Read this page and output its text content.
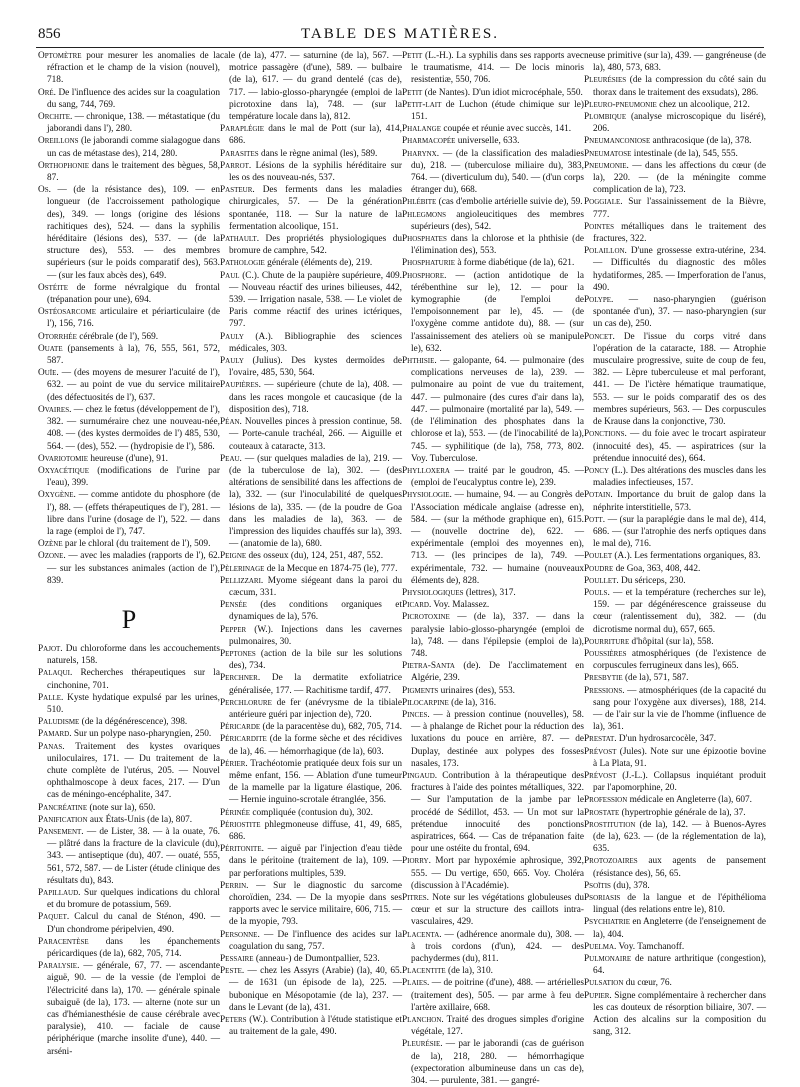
856	TABLE DES MATIÈRES.

Optomètre pour mesurer les anomalies de la réfraction et le champ de la vision (nouvel), 718.

Oré. De l'influence des acides sur la coagulation du sang, 744, 769.

Orchite. — chronique, 138. — métastatique (du jaborandi dans l'), 280.

Oreillons (le jaborandi comme sialagogue dans un cas de métastase des), 214, 280.

Orthophonie dans le traitement des bègues, 58, 87.

Os. — (de la résistance des), 109. — en longueur (de l'accroissement pathologique des), 349. — longs (origine des lésions rachitiques des), 524. — dans la syphilis héréditaire (lésions des), 537. — (de la structure des), 553. — des membres supérieurs (sur le poids comparatif des), 563. — (sur les faux abcès des), 649.

Ostéite de forme névralgique du frontal (trépanation pour une), 694.

Ostéosarcome articulaire et périarticulaire (de l'), 156, 716.

Otorrhée cérébrale (de l'), 569.

Ouate (pansements à la), 76, 555, 561, 572, 587.

Ouïe. — (des moyens de mesurer l'acuité de l'), 632. — au point de vue du service militaire (des défectuosités de l'), 637.

Ovaires. — chez le fœtus (développement de l'), 382. — surnuméraire chez une nouveau-née, 408. — (des kystes dermoïdes de l') 485, 530, 564. — (des), 552. — (hydropisie de l'), 586.

Ovariotomie heureuse (d'une), 91.

Oxyacétique (modifications de l'urine par l'eau), 399.

Oxygène. — comme antidote du phosphore (de l'), 88. — (effets thérapeutiques de l'), 281. — libre dans l'urine (dosage de l'), 522. — dans la rage (emploi de l'), 747.

Ozène par le chloral (du traitement de l'), 509.

Ozone. — avec les maladies (rapports de l'), 62. — sur les substances animales (action de l'), 839.

P

Pajot. Du chloroforme dans les accouchements naturels, 158.

Palaqui. Recherches thérapeutiques sur la cinchonine, 701.

Palle. Kyste hydatique expulsé par les urines, 510.

Paludisme (de la dégénérescence), 398.

Pamard. Sur un polype naso-pharyngien, 250.

Panas. Traitement des kystes ovariques uniloculaires, 171. — Du traitement de la chute complète de l'utérus, 205. — Nouvel ophthalmoscope à deux faces, 217. — D'un cas de méningo-encéphalite, 347.

Pancréatine (note sur la), 650.

Panification aux États-Unis (de la), 807.

Pansement. — de Lister, 38. — à la ouate, 76. — plâtré dans la fracture de la clavicule (du), 343. — antiseptique (du), 407. — ouaté, 555, 561, 572, 587. — de Lister (étude clinique des résultats du), 843.

Papillaud. Sur quelques indications du chloral et du bromure de potassium, 569.

Paquet. Calcul du canal de Sténon, 490. — D'un chondrome péripelvien, 490.

Paracentèse dans les épanchements péricardiques (de la), 682, 705, 714.

Paralysie. — générale, 67, 77. — ascendante aiguë, 90. — de la vessie (de l'emploi de l'électricité dans la), 170. — générale spinale subaiguë (de la), 173. — alterne (note sur un cas d'hémianesthésie de cause cérébrale avec paralysie), 410. — faciale de cause périphérique (marche insolite d'une), 440. — arséni-

cale (de la), 477. — saturnine (de la), 567. — motrice passagère (d'une), 589. — bulbaire (de la), 617. — du grand dentelé (cas de), 717. — labio-glosso-pharyngée (emploi de la picrotoxine dans la), 748. — (sur la température locale dans la), 812.

Paraplégie dans le mal de Pott (sur la), 414, 686.

Parasites dans le règne animal (les), 589.

Parrot. Lésions de la syphilis héréditaire sur les os des nouveau-nés, 537.

Pasteur. Des ferments dans les maladies chirurgicales, 57. — De la génération spontanée, 118. — Sur la nature de la fermentation alcoolique, 151.

Pathault. Des propriétés physiologiques du bromure de camphre, 542.

Pathologie générale (éléments de), 219.

Paul (C.). Chute de la paupière supérieure, 409. — Nouveau réactif des urines bilieuses, 442, 539. — Irrigation nasale, 538. — Le violet de Paris comme réactif des urines ictériques, 797.

Pauly (A.). Bibliographie des sciences médicales, 303.

Pauly (Julius). Des kystes dermoïdes de l'ovaire, 485, 530, 564.

Paupières. — supérieure (chute de la), 408. — dans les races mongole et caucasique (de la disposition des), 718.

Péan. Nouvelles pinces à pression continue, 58. — Porte-canule trachéal, 266. — Aiguille et couteaux à cataracte, 313.

Peau. — (sur quelques maladies de la), 219. — (de la tuberculose de la), 302. — (des altérations de sensibilité dans les affections de la), 332. — (sur l'inoculabilité de quelques lésions de la), 335. — (de la poudre de Goa dans les maladies de la), 363. — de l'impression des liquides chauffés sur la), 393. — (anatomie de la), 680.

Peigne des osseux (du), 124, 251, 487, 552.

Pèlerinage de la Mecque en 1874-75 (le), 777.

Pellizzari. Myome siégeant dans la paroi du cæcum, 331.

Pensée (des conditions organiques et dynamiques de la), 576.

Pepper (W.). Injections dans les cavernes pulmonaires, 30.

Peptones (action de la bile sur les solutions des), 734.

Perchner. De la dermatite exfoliatrice généralisée, 177. — Rachitisme tardif, 477.

Perchlorure de fer (anévrysme de la tibiale antérieure guéri par injection de), 720.

Péricarde (de la paracentèse du), 682, 705, 714.

Péricardite (de la forme sèche et des récidives de la), 46. — hémorrhagique (de la), 603.

Périer. Trachéotomie pratiquée deux fois sur un même enfant, 156. — Ablation d'une tumeur de la mamelle par la ligature élastique, 206. — Hernie inguino-scrotale étranglée, 356.

Périnée compliquée (contusion du), 302.

Périostite phlegmoneuse diffuse, 41, 49, 685, 686.

Péritonite. — aiguë par l'injection d'eau tiède dans le péritoine (traitement de la), 109. — par perforations multiples, 539.

Perrin. — Sur le diagnostic du sarcome choroïdien, 234. — De la myopie dans ses rapports avec le service militaire, 606, 715. — de la myopie, 793.

Personne. — De l'influence des acides sur la coagulation du sang, 757.

Pessaire (anneau-) de Dumontpallier, 523.

Peste. — chez les Assyrs (Arabie) (la), 40, 65. — de 1631 (un épisode de la), 225. — bubonique en Mésopotamie (de la), 237. — dans le Levant (de la), 431.

Peters (W.). Contribution à l'étude statistique et au traitement de la gale, 490.

Petit (L.-H.). La syphilis dans ses rapports avec le traumatisme, 414. — De locis minoris resistentiæ, 550, 706.

Petit (de Nantes). D'un idiot microcéphale, 550.

Petit-lait de Luchon (étude chimique sur le) 151.

Phalange coupée et réunie avec succès, 141.

Pharmacopée universelle, 633.

Pharynx. — (de la classification des maladies du), 218. — (tuberculose miliaire du), 383, 764. — (diverticulum du), 540. — (d'un corps étranger du), 668.

Phlébite (cas d'embolie artérielle suivie de), 59.

Phlegmons angioleucitiques des membres supérieurs (des), 542.

Phosphates dans la chlorose et la phthisie (de l'élimination des), 553.

Phosphaturie à forme diabétique (de la), 621.

Phosphore. — (action antidotique de la térébenthine sur le), 12. — pour la kymographie (de l'emploi de l'empoisonnement par le), 45. — (de l'oxygène comme antidote du), 88. — (sur l'assainissement des ateliers où se manipule le), 632.

Phthisie. — galopante, 64. — pulmonaire (des complications nerveuses de la), 239. — pulmonaire au point de vue du traitement, 447. — pulmonaire (des cures d'air dans la), 447. — pulmonaire (mortalité par la), 549. — (de l'élimination des phosphates dans la chlorose et la), 553. — (de l'inocabilité de la), 745. — syphilitique (de la), 758, 773, 802. Voy. Tuberculose.

Phylloxera — traité par le goudron, 45. — (emploi de l'eucalyptus contre le), 239.

Physiologie. — humaine, 94. — au Congrès de l'Association médicale anglaise (adresse en), 584. — (sur la méthode graphique en), 615. — (nouvelle doctrine de), 622. — expérimentale (emploi des moyennes en), 713. — (les principes de la), 749. — expérimentale, 732. — humaine (nouveaux éléments de), 828.

Physiologiques (lettres), 317.

Picard. Voy. Malassez.

Picrotoxine — (de la), 337. — dans la paralysie labio-glosso-pharyngée (emploi de la), 748. — dans l'épilepsie (emploi de la), 748.

Pietra-Santa (de). De l'acclimatement en Algérie, 239.

Pigments urinaires (des), 553.

Pilocarpine (de la), 316.

Pinces. — à pression continue (nouvelles), 58. — à phalange de Richet pour la réduction des luxations du pouce en arrière, 87. — de Duplay, destinée aux polypes des fosses nasales, 173.

Pingaud. Contribution à la thérapeutique des fractures à l'aide des pointes métalliques, 322. — Sur l'amputation de la jambe par le procédé de Sédillot, 453. — Un mot sur la prétendue innocuité des ponctions aspiratrices, 664. — Cas de trépanation faite pour une ostéite du frontal, 694.

Piorry. Mort par hypoxémie aphrosique, 392, 555. — Du vertige, 650, 665. Voy. Choléra (discussion à l'Académie).

Pitres. Note sur les végétations globuleuses du cœur et sur la structure des caillots intra-vasculaires, 429.

Placenta. — (adhérence anormale du), 308. — à trois cordons (d'un), 424. — des pachydermes (du), 811.

Placentite (de la), 310.

Plaies. — de poitrine (d'une), 488. — artérielles (traitement des), 505. — par arme à feu de l'artère axillaire, 668.

Planchon. Traité des drogues simples d'origine végétale, 127.

Pleurésie. — par le jaborandi (cas de guérison de la), 218, 280. — hémorrhagique (expectoration albumineuse dans un cas de), 304. — purulente, 381. — gangré-

neuse primitive (sur la), 439. — gangréneuse (de la), 480, 573, 683.

Pleurésies (de la compression du côté sain du thorax dans le traitement des exsudats), 286.

Pleuro-pneumonie chez un alcoolique, 212.

Plombique (analyse microscopique du liséré), 206.

Pneumanconiose anthracosique (de la), 378.

Pneumatose intestinale (de la), 545, 555.

Pneumonie. — dans les affections du cœur (de la), 220. — (de la méningite comme complication de la), 723.

Poggiale. Sur l'assainissement de la Bièvre, 777.

Pointes métalliques dans le traitement des fractures, 322.

Polaillon. D'une grossesse extra-utérine, 234. — Difficultés du diagnostic des môles hydatiformes, 285. — Imperforation de l'anus, 490.

Polype. — naso-pharyngien (guérison spontanée d'un), 37. — naso-pharyngien (sur un cas de), 250.

Poncet. De l'issue du corps vitré dans l'opération de la cataracte, 188. — Atrophie musculaire progressive, suite de coup de feu, 382. — Lèpre tuberculeuse et mal perforant, 441. — De l'ictère hématique traumatique, 553. — sur le poids comparatif des os des membres supérieurs, 563. — Des corpuscules de Krause dans la conjonctive, 730.

Ponctions. — du foie avec le trocart aspirateur (innocuité des), 45. — aspiratrices (sur la prétendue innocuité des), 664.

Poncy (L.). Des altérations des muscles dans les maladies infectieuses, 157.

Potain. Importance du bruit de galop dans la néphrite interstitielle, 573.

Pott. — (sur la paraplégie dans le mal de), 414, 686. — (sur l'atrophie des nerfs optiques dans le mal de), 716.

Poulet (A.). Les fermentations organiques, 83.

Poudre de Goa, 363, 408, 442.

Poullet. Du sériceps, 230.

Pouls. — et la température (recherches sur le), 159. — par dégénérescence graisseuse du cœur (ralentissement du), 382. — (du dicrotisme normal du), 657, 665.

Pourriture d'hôpital (sur la), 558.

Poussières atmosphériques (de l'existence de corpuscules ferrugineux dans les), 665.

Presbytie (de la), 571, 587.

Pressions. — atmosphériques (de la capacité du sang pour l'oxygène aux diverses), 188, 214. — de l'air sur la vie de l'homme (influence de la), 361.

Prestat. D'un hydrosarcocèle, 347.

Prévost (Jules). Note sur une épizootie bovine à La Plata, 91.

Prévost (J.-L.). Collapsus inquiétant produit par l'apomorphine, 20.

Profession médicale en Angleterre (la), 607.

Prostate (hypertrophie générale de la), 37.

Prostitution (de la), 142. — à Buenos-Ayres (de la), 623. — (de la réglementation de la), 635.

Protozoaires aux agents de pansement (résistance des), 56, 65.

Psoïtis (du), 378.

Psoriasis de la langue et de l'épithélioma lingual (des relations entre le), 810.

Psychiatrie en Angleterre (de l'enseignement de la), 404.

Puelma. Voy. Tamchanoff.

Pulmonaire de nature arthritique (congestion), 64.

Pulsation du cœur, 76.

Pupier. Signe complémentaire à rechercher dans les cas douteux de résorption biliaire, 307. — Action des alcalins sur la composition du sang, 312.
